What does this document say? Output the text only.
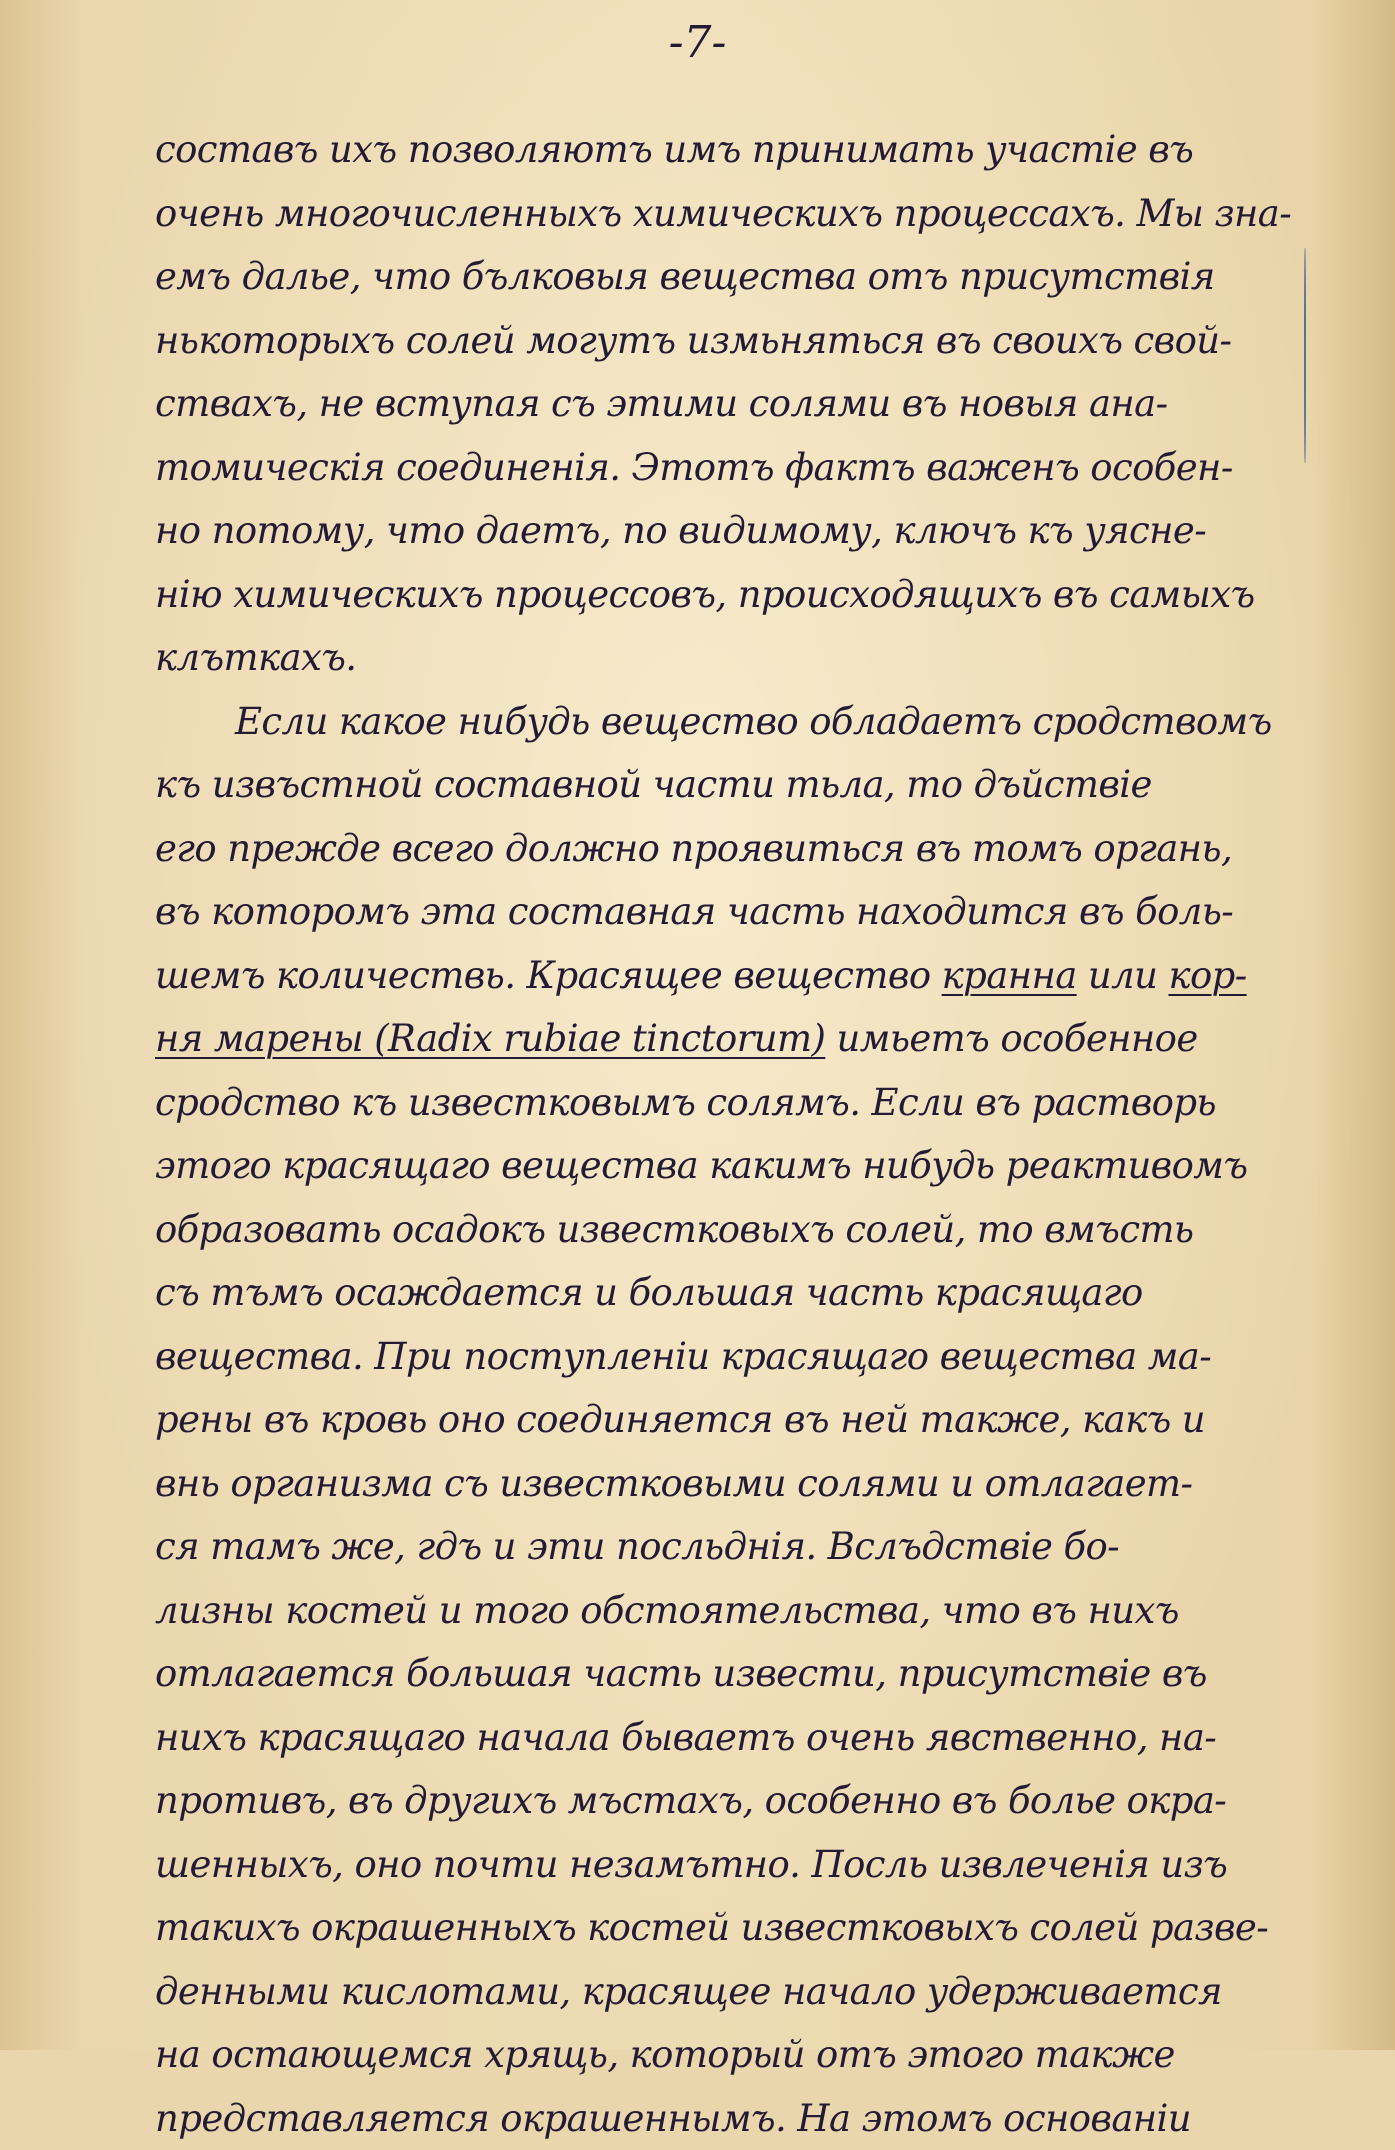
-7-
составъ ихъ позволяютъ имъ принимать участіе въ
очень многочисленныхъ химическихъ процессахъ. Мы зна-
емъ далье, что бълковыя вещества отъ присутствія
нькоторыхъ солей могутъ измьняться въ своихъ свой-
ствахъ, не вступая съ этими солями въ новыя ана-
томическія соединенія. Этотъ фактъ важенъ особен-
но потому, что даетъ, по видимому, ключъ къ уясне-
нію химическихъ процессовъ, происходящихъ въ самыхъ
клъткахъ.
Если какое нибудь вещество обладаетъ сродствомъ
къ извъстной составной части тьла, то дъйствіе
его прежде всего должно проявиться въ томъ органь,
въ которомъ эта составная часть находится въ боль-
шемъ количествь. Красящее вещество кранна или кор-
ня марены (Radix rubiae tinctorum) имьетъ особенное
сродство къ известковымъ солямъ. Если въ растворь
этого красящаго вещества какимъ нибудь реактивомъ
образовать осадокъ известковыхъ солей, то вмъсть
съ тъмъ осаждается и большая часть красящаго
вещества. При поступленіи красящаго вещества ма-
рены въ кровь оно соединяется въ ней также, какъ и
внь организма съ известковыми солями и отлагает-
ся тамъ же, гдъ и эти посльднія. Вслъдствіе бо-
лизны костей и того обстоятельства, что въ нихъ
отлагается большая часть извести, присутствіе въ
нихъ красящаго начала бываетъ очень явственно, на-
противъ, въ другихъ мъстахъ, особенно въ болье окра-
шенныхъ, оно почти незамътно. Посль извлеченія изъ
такихъ окрашенныхъ костей известковыхъ солей разве-
денными кислотами, красящее начало удерживается
на остающемся хрящь, который отъ этого также
представляется окрашеннымъ. На этомъ основаніи
